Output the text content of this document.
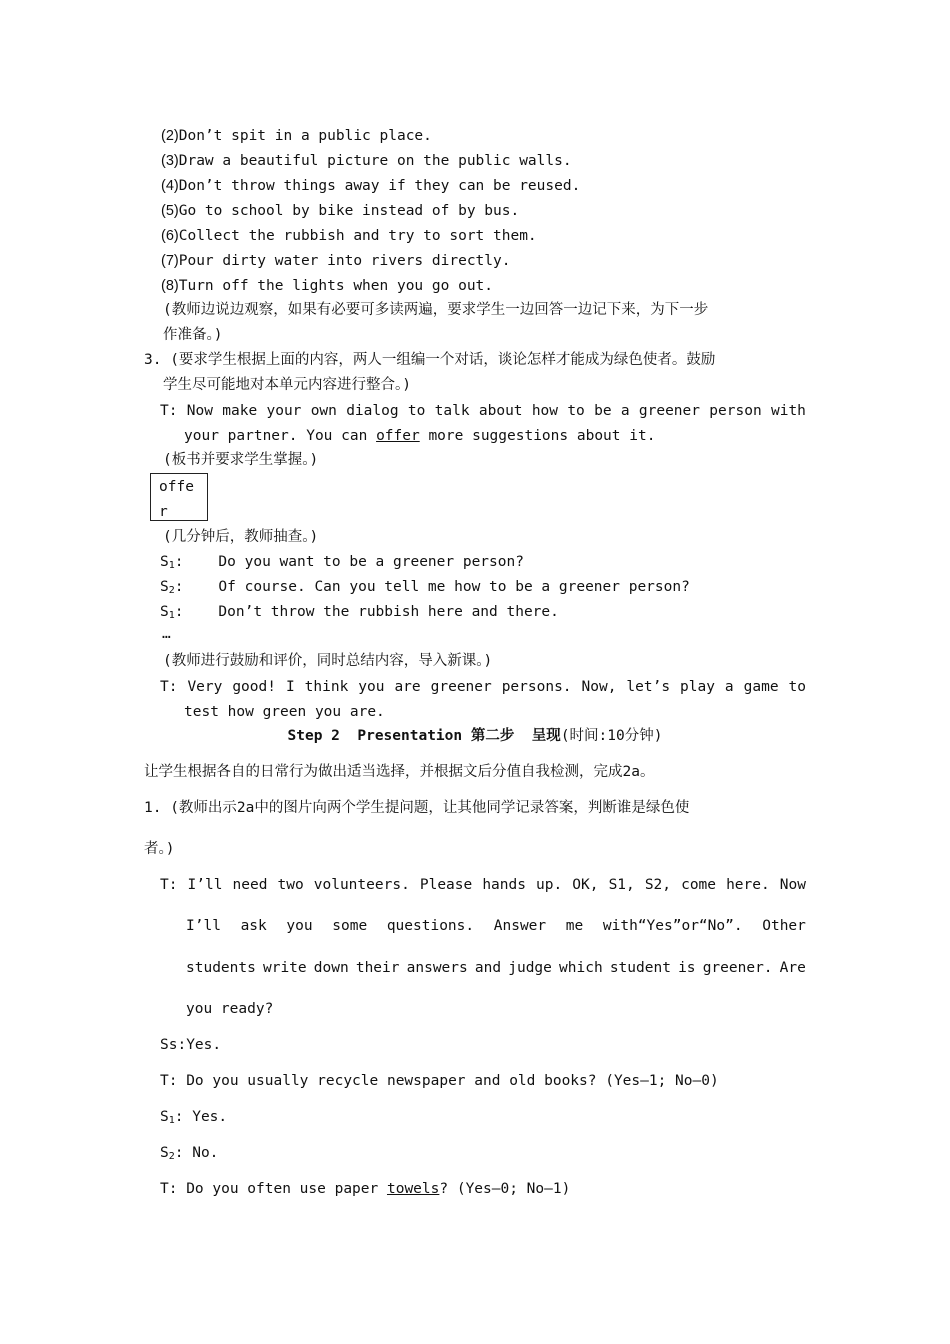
(2)Don’t spit in a public place.
(3)Draw a beautiful picture on the public walls.
(4)Don’t throw things away if they can be reused.
(5)Go to school by bike instead of by bus.
(6)Collect the rubbish and try to sort them.
(7)Pour dirty water into rivers directly.
(8)Turn off the lights when you go out.
(教师边说边观察，如果有必要可多读两遍，要求学生一边回答一边记下来，为下一步
作准备。)
3. (要求学生根据上面的内容，两人一组编一个对话，谈论怎样才能成为绿色使者。鼓励
学生尽可能地对本单元内容进行整合。)
T: Now make your own dialog to talk about how to be a greener person with
your partner. You can offer more suggestions about it.
(板书并要求学生掌握。)
offe
r
(几分钟后，教师抽查。)
$S_1$:    Do you want to be a greener person?
$S_2$:    Of course. Can you tell me how to be a greener person?
$S_1$:    Don’t throw the rubbish here and there.
…
(教师进行鼓励和评价，同时总结内容，导入新课。)
T: Very good! I think you are greener persons. Now, let’s play a game to
test how green you are.
Step 2  Presentation 第二步  呈现(时间:10分钟)
让学生根据各自的日常行为做出适当选择，并根据文后分值自我检测，完成2a。
1. (教师出示2a中的图片向两个学生提问题，让其他同学记录答案，判断谁是绿色使
者。)
T: I’ll need two volunteers. Please hands up. OK, S1, S2, come here. Now
I’ll ask you some questions. Answer me with“Yes”or“No”. Other
students write down their answers and judge which student is greener. Are
you ready?
Ss:Yes.
T: Do you usually recycle newspaper and old books? (Yes—1; No—0)
$S_1$: Yes.
$S_2$: No.
T: Do you often use paper towels? (Yes—0; No—1)
